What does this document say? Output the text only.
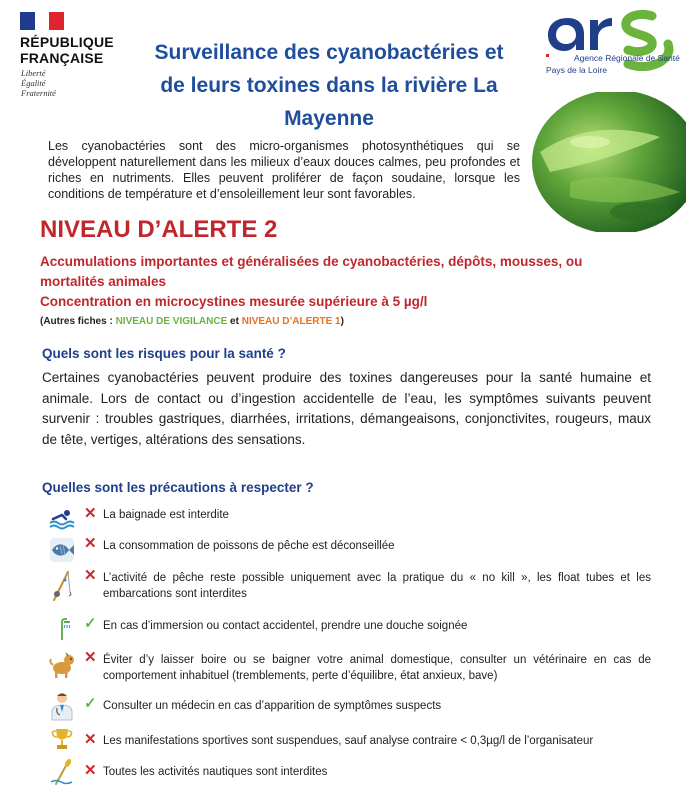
RÉPUBLIQUE
FRANÇAISE
Liberté
Égalité
Fraternité
Surveillance des cyanobactéries et
de leurs toxines dans la rivière La
Mayenne
Agence Régionale de Santé
Pays de la Loire
Les cyanobactéries sont des micro-organismes photosynthétiques qui se développent naturellement dans les milieux d’eaux douces calmes, peu profondes et riches en nutriments. Elles peuvent proliférer de façon soudaine, lorsque les conditions de température et d’ensoleillement leur sont favorables.
NIVEAU D’ALERTE 2
Accumulations importantes et généralisées de cyanobactéries, dépôts, mousses, ou mortalités animales
Concentration en microcystines mesurée supérieure à 5 µg/l
(Autres fiches : NIVEAU DE VIGILANCE et NIVEAU D’ALERTE 1)
Quels sont les risques pour la santé ?
Certaines cyanobactéries peuvent produire des toxines dangereuses pour la santé humaine et animale. Lors de contact ou d’ingestion accidentelle de l’eau, les symptômes suivants peuvent survenir : troubles gastriques, diarrhées, irritations, démangeaisons, conjonctivites, rougeurs, maux de tête, vertiges, altérations des sensations.
Quelles sont les précautions à respecter ?
✕ La baignade est interdite
✕ La consommation de poissons de pêche est déconseillée
✕ L’activité de pêche reste possible uniquement avec la pratique du « no kill », les float tubes et les embarcations sont interdites
✓ En cas d’immersion ou contact accidentel, prendre une douche soignée
✕ Éviter d’y laisser boire ou se baigner votre animal domestique, consulter un vétérinaire en cas de comportement inhabituel (tremblements, perte d’équilibre, état anxieux, bave)
✓ Consulter un médecin en cas d’apparition de symptômes suspects
✕ Les manifestations sportives sont suspendues, sauf analyse contraire < 0,3µg/l de l’organisateur
✕ Toutes les activités nautiques sont interdites
